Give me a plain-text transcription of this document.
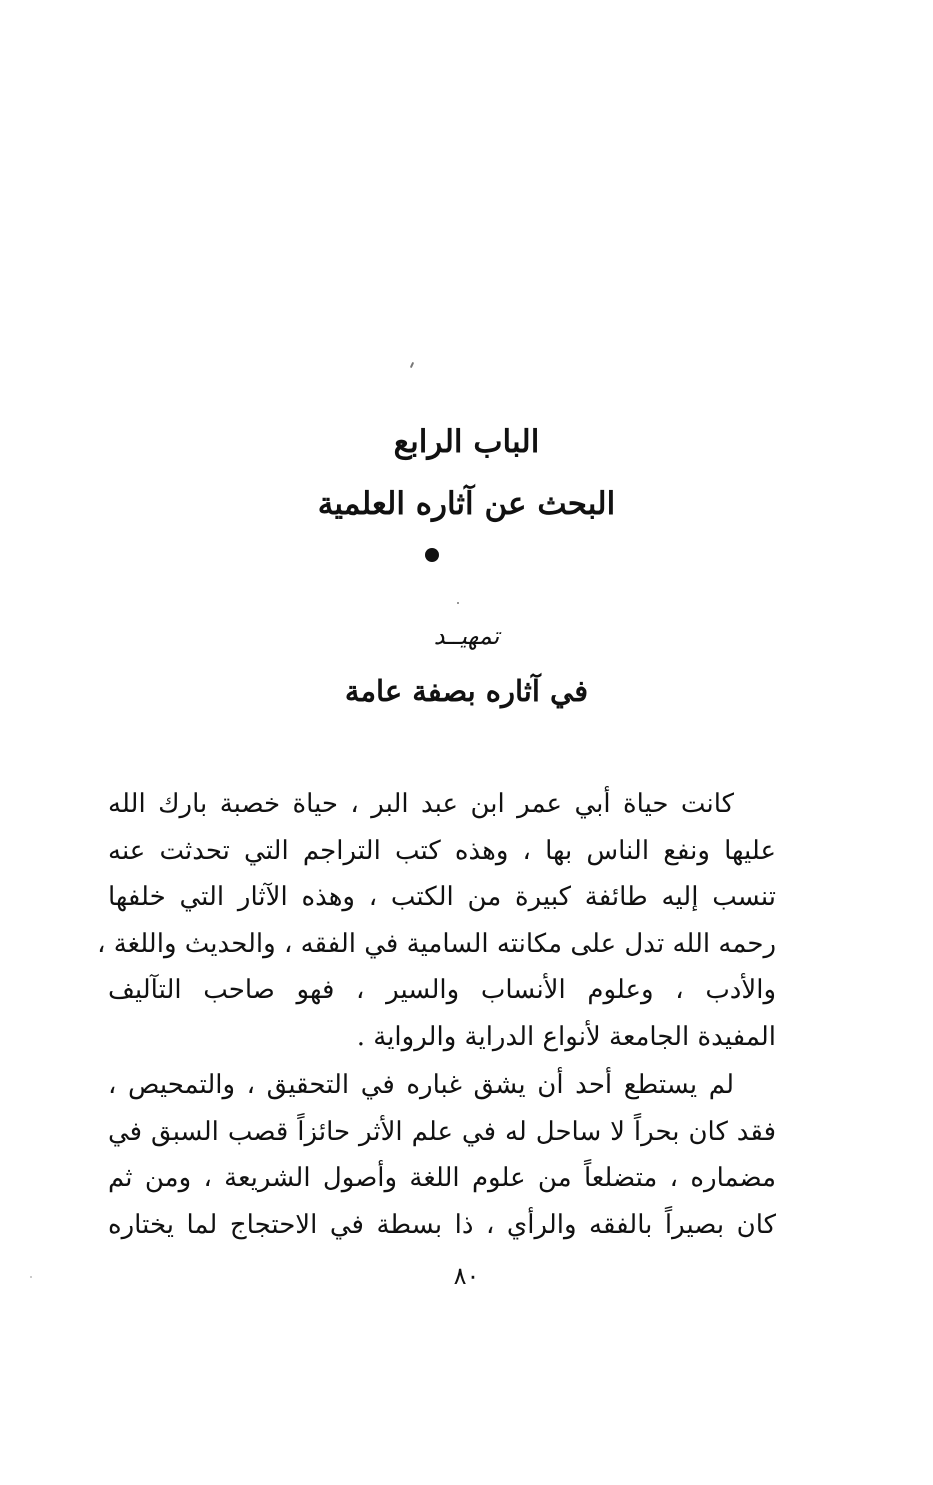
الباب الرابع
البحث عن آثاره العلمية
تمهيــد
في آثاره بصفة عامة
كانت حياة أبي عمر ابن عبد البر ، حياة خصبة بارك الله
عليها ونفع الناس بها ، وهذه كتب التراجم التي تحدثت عنه
تنسب إليه طائفة كبيرة من الكتب ، وهذه الآثار التي خلفها
رحمه الله تدل على مكانته السامية في الفقه ، والحديث واللغة ،
والأدب ، وعلوم الأنساب والسير ، فهو صاحب التآليف
المفيدة الجامعة لأنواع الدراية والرواية .
لم يستطع أحد أن يشق غباره في التحقيق ، والتمحيص ،
فقد كان بحراً لا ساحل له في علم الأثر حائزاً قصب السبق في
مضماره ، متضلعاً من علوم اللغة وأصول الشريعة ، ومن ثم
كان بصيراً بالفقه والرأي ، ذا بسطة في الاحتجاج لما يختاره
٨٠
